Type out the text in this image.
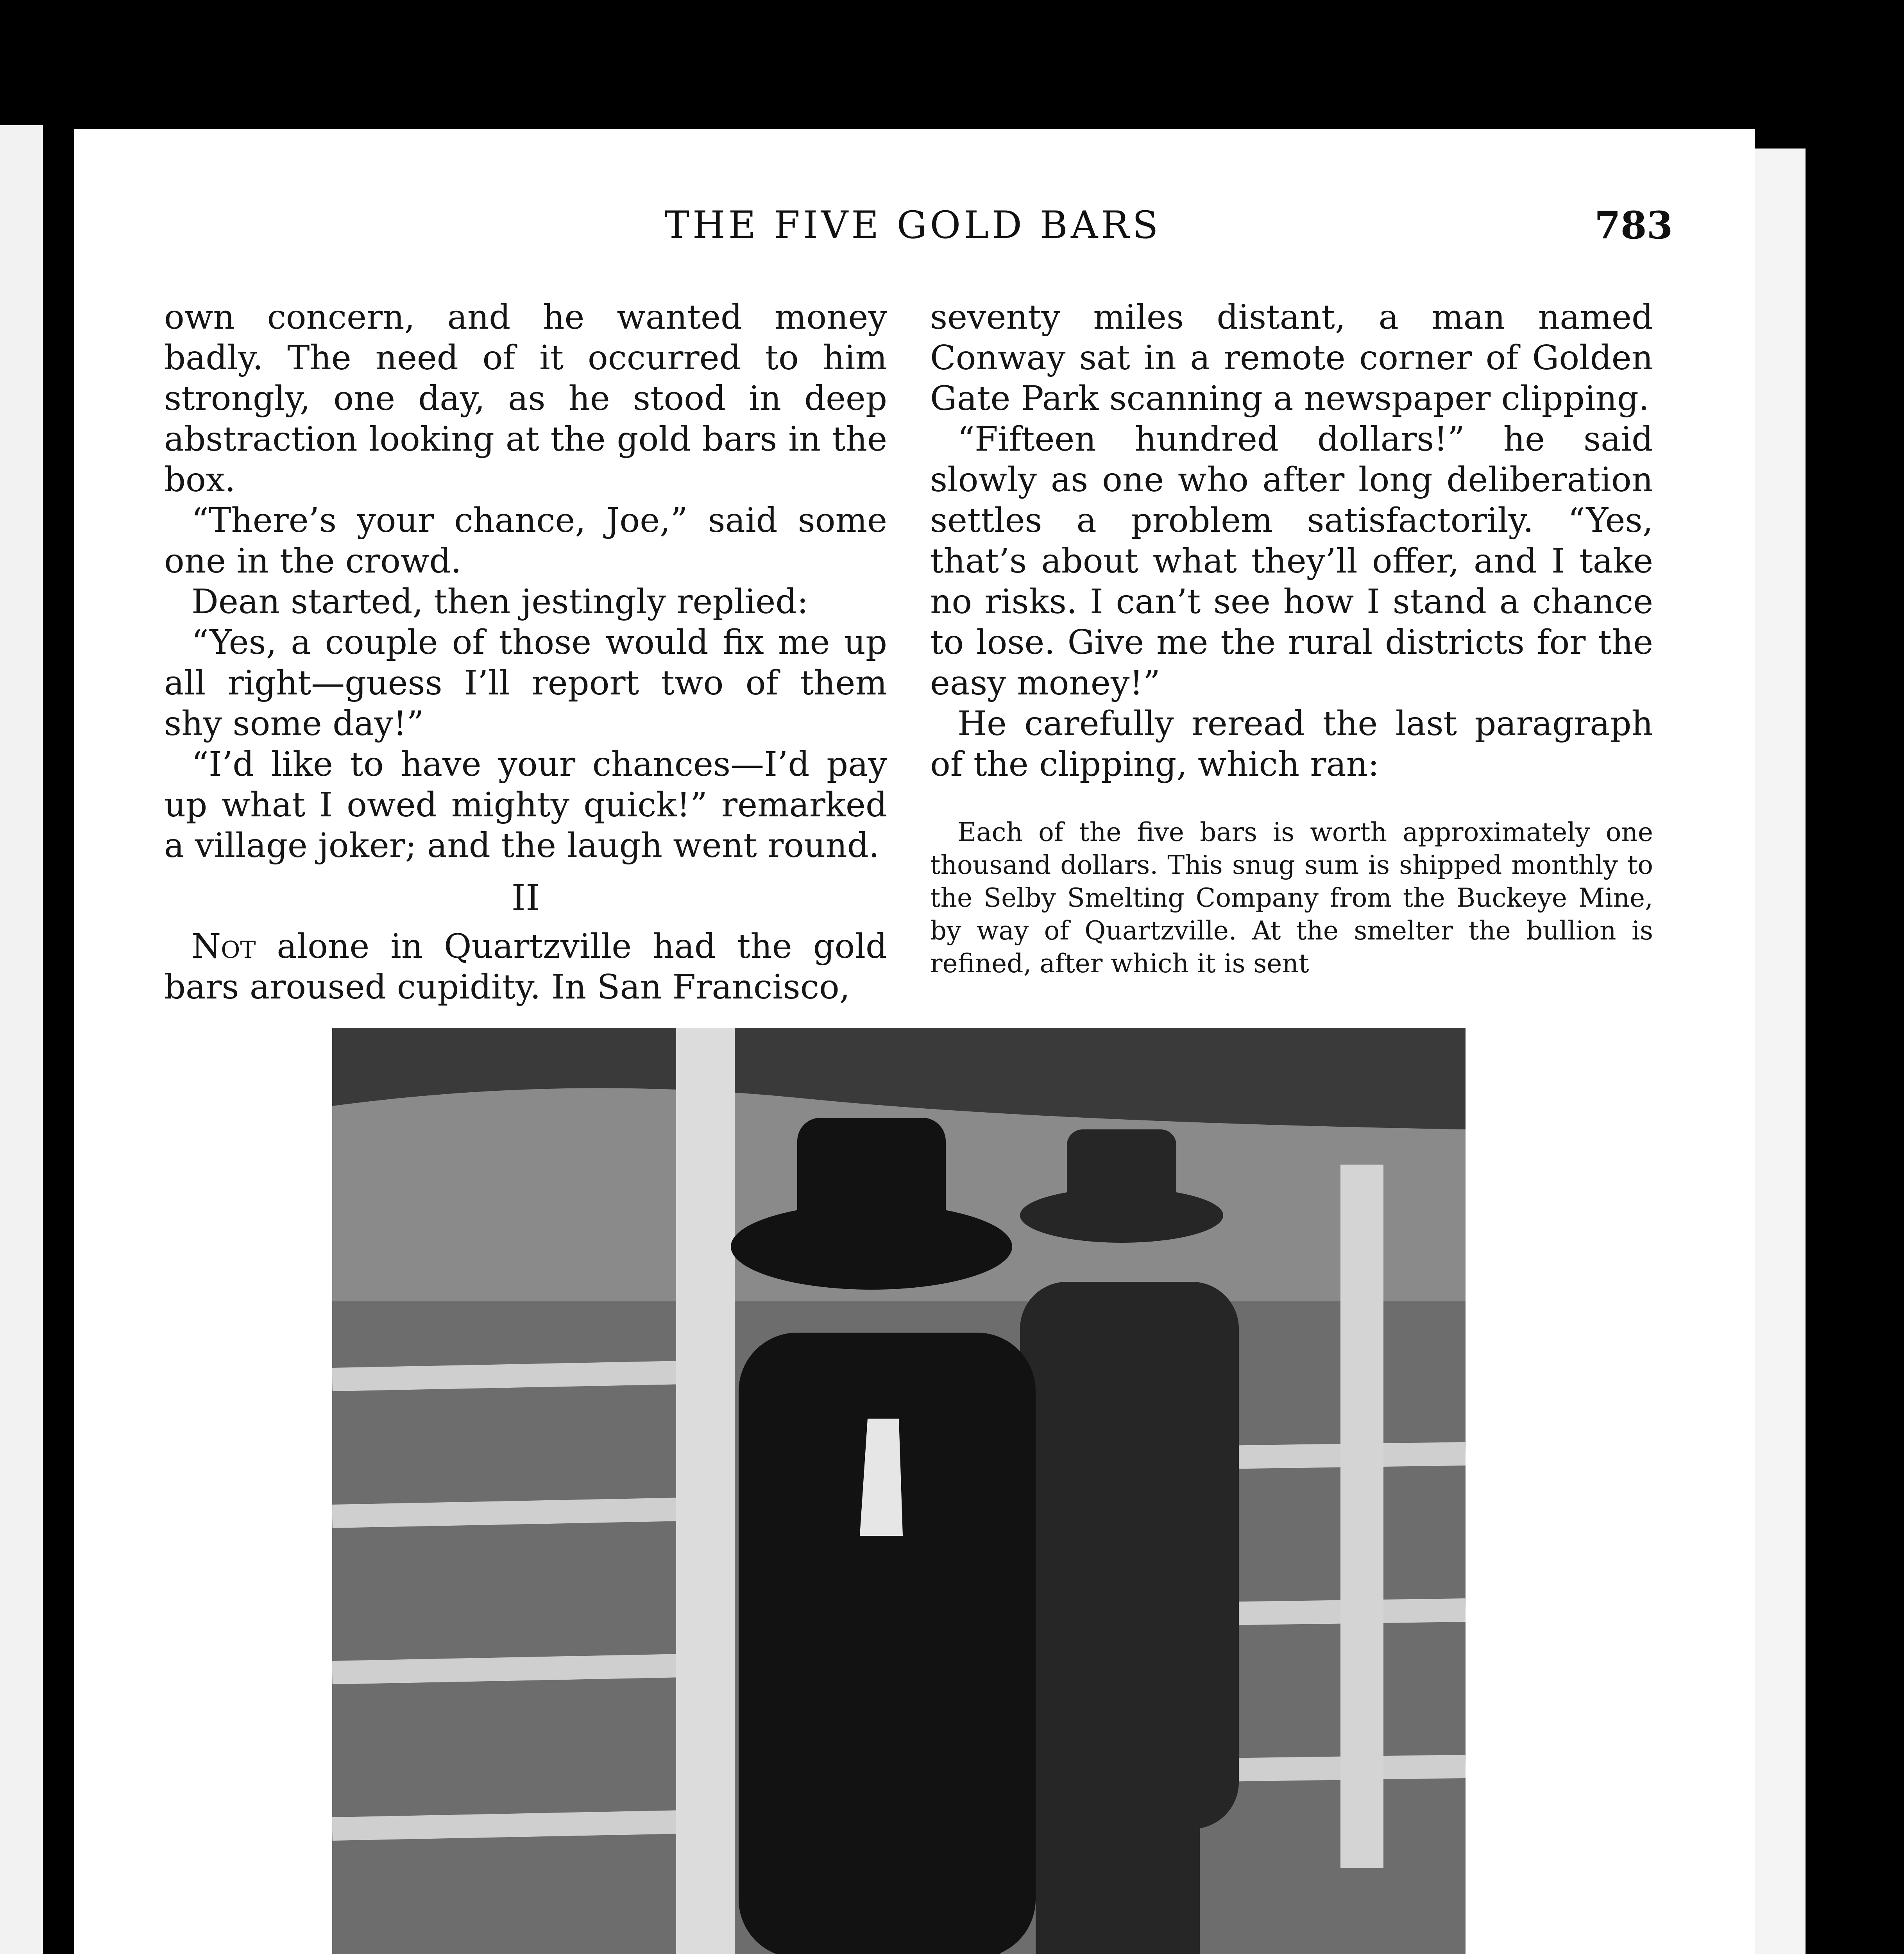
THE FIVE GOLD BARS	783

own concern, and he wanted money badly. The need of it occurred to him strongly, one day, as he stood in deep abstraction looking at the gold bars in the box.

“There’s your chance, Joe,” said some one in the crowd.

Dean started, then jestingly replied:

“Yes, a couple of those would fix me up all right—guess I’ll report two of them shy some day!”

“I’d like to have your chances—I’d pay up what I owed mighty quick!” remarked a village joker; and the laugh went round.

II

Not alone in Quartzville had the gold bars aroused cupidity. In San Francisco,

seventy miles distant, a man named Conway sat in a remote corner of Golden Gate Park scanning a newspaper clipping.

“Fifteen hundred dollars!” he said slowly as one who after long deliberation settles a problem satisfactorily. “Yes, that’s about what they’ll offer, and I take no risks. I can’t see how I stand a chance to lose. Give me the rural districts for the easy money!”

He carefully reread the last paragraph of the clipping, which ran:

Each of the five bars is worth approximately one thousand dollars. This snug sum is shipped monthly to the Selby Smelting Company from the Buckeye Mine, by way of Quartzville. At the smelter the bullion is refined, after which it is sent
